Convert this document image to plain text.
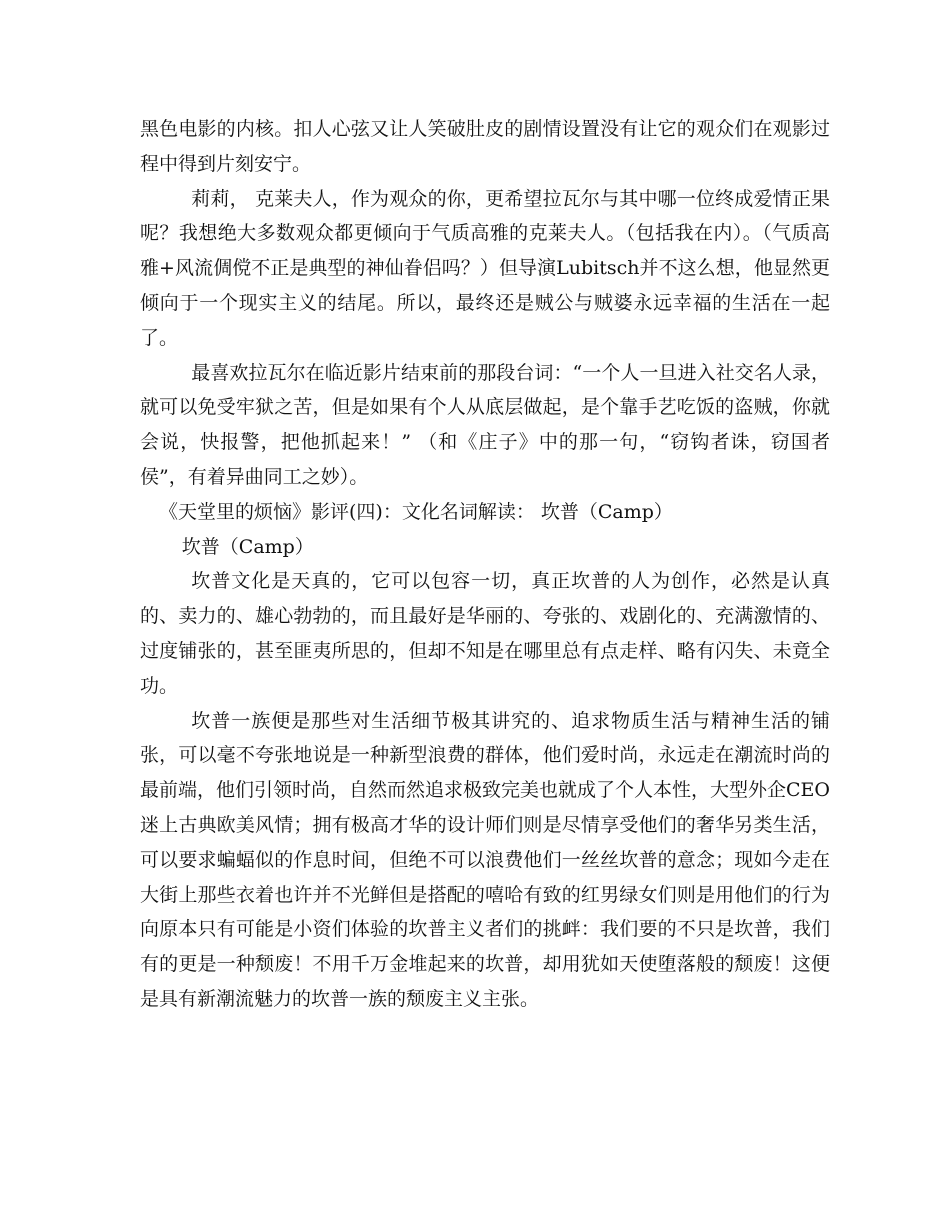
黑色电影的内核。扣人心弦又让人笑破肚皮的剧情设置没有让它的观众们在观影过程中得到片刻安宁。

莉莉， 克莱夫人，作为观众的你，更希望拉瓦尔与其中哪一位终成爱情正果呢？我想绝大多数观众都更倾向于气质高雅的克莱夫人。（包括我在内）。（气质高雅+风流倜傥不正是典型的神仙眷侣吗？）但导演Lubitsch并不这么想，他显然更倾向于一个现实主义的结尾。所以，最终还是贼公与贼婆永远幸福的生活在一起了。

最喜欢拉瓦尔在临近影片结束前的那段台词：“一个人一旦进入社交名人录，就可以免受牢狱之苦，但是如果有个人从底层做起，是个靠手艺吃饭的盗贼，你就会说，快报警，把他抓起来！” （和《庄子》中的那一句，“窃钩者诛，窃国者侯”，有着异曲同工之妙）。

《天堂里的烦恼》影评(四)：文化名词解读： 坎普（Camp）

坎普（Camp）

坎普文化是天真的，它可以包容一切，真正坎普的人为创作，必然是认真的、卖力的、雄心勃勃的，而且最好是华丽的、夸张的、戏剧化的、充满激情的、过度铺张的，甚至匪夷所思的，但却不知是在哪里总有点走样、略有闪失、未竟全功。

坎普一族便是那些对生活细节极其讲究的、追求物质生活与精神生活的铺张，可以毫不夸张地说是一种新型浪费的群体，他们爱时尚，永远走在潮流时尚的最前端，他们引领时尚，自然而然追求极致完美也就成了个人本性，大型外企CEO迷上古典欧美风情；拥有极高才华的设计师们则是尽情享受他们的奢华另类生活，可以要求蝙蝠似的作息时间，但绝不可以浪费他们一丝丝坎普的意念；现如今走在大街上那些衣着也许并不光鲜但是搭配的嘻哈有致的红男绿女们则是用他们的行为向原本只有可能是小资们体验的坎普主义者们的挑衅：我们要的不只是坎普，我们有的更是一种颓废！不用千万金堆起来的坎普，却用犹如天使堕落般的颓废！这便是具有新潮流魅力的坎普一族的颓废主义主张。
